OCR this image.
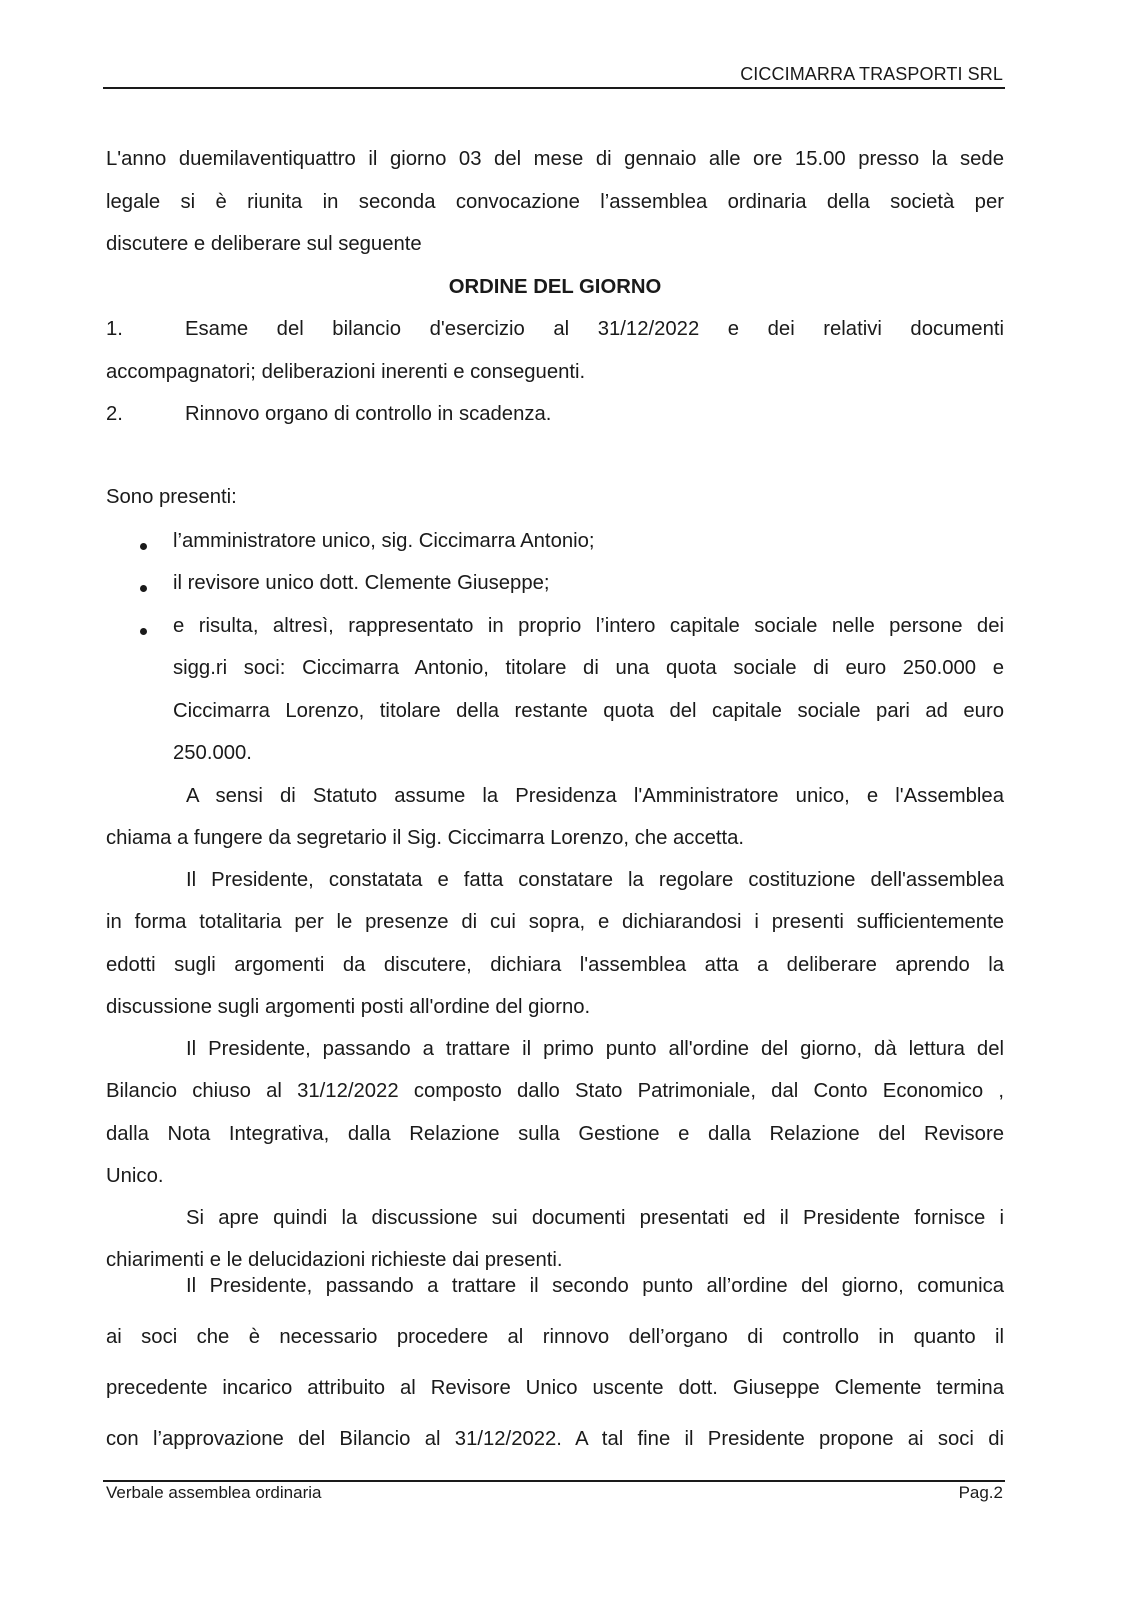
CICCIMARRA TRASPORTI SRL
L'anno duemilaventiquattro il giorno 03 del mese di gennaio alle ore 15.00 presso la sede
legale si è riunita in seconda convocazione l’assemblea ordinaria della società per
discutere e deliberare sul seguente
ORDINE DEL GIORNO
1.	Esame del bilancio d'esercizio al 31/12/2022 e dei relativi documenti
accompagnatori; deliberazioni inerenti e conseguenti.
2.	Rinnovo organo di controllo in scadenza.
Sono presenti:
l’amministratore unico, sig. Ciccimarra Antonio;
il revisore unico dott. Clemente Giuseppe;
e risulta, altresì, rappresentato in proprio l’intero capitale sociale nelle persone dei
sigg.ri soci: Ciccimarra Antonio, titolare di una quota sociale di euro 250.000 e
Ciccimarra Lorenzo, titolare della restante quota del capitale sociale pari ad euro
250.000.
A sensi di Statuto assume la Presidenza l'Amministratore unico, e l'Assemblea
chiama a fungere da segretario il Sig. Ciccimarra Lorenzo, che accetta.
Il Presidente, constatata e fatta constatare la regolare costituzione dell'assemblea
in forma totalitaria per le presenze di cui sopra, e dichiarandosi i presenti sufficientemente
edotti sugli argomenti da discutere, dichiara l'assemblea atta a deliberare aprendo la
discussione sugli argomenti posti all'ordine del giorno.
Il Presidente, passando a trattare il primo punto all'ordine del giorno, dà lettura del
Bilancio chiuso al 31/12/2022 composto dallo Stato Patrimoniale, dal Conto Economico ,
dalla Nota Integrativa, dalla Relazione sulla Gestione e dalla Relazione del Revisore
Unico.
Si apre quindi la discussione sui documenti presentati ed il Presidente fornisce i
chiarimenti e le delucidazioni richieste dai presenti.
Il Presidente, passando a trattare il secondo punto all’ordine del giorno, comunica
ai soci che è necessario procedere al rinnovo dell’organo di controllo in quanto il
precedente incarico attribuito al Revisore Unico uscente dott. Giuseppe Clemente termina
con l’approvazione del Bilancio al 31/12/2022. A tal fine il Presidente propone ai soci di
Verbale assemblea ordinaria	Pag.2
